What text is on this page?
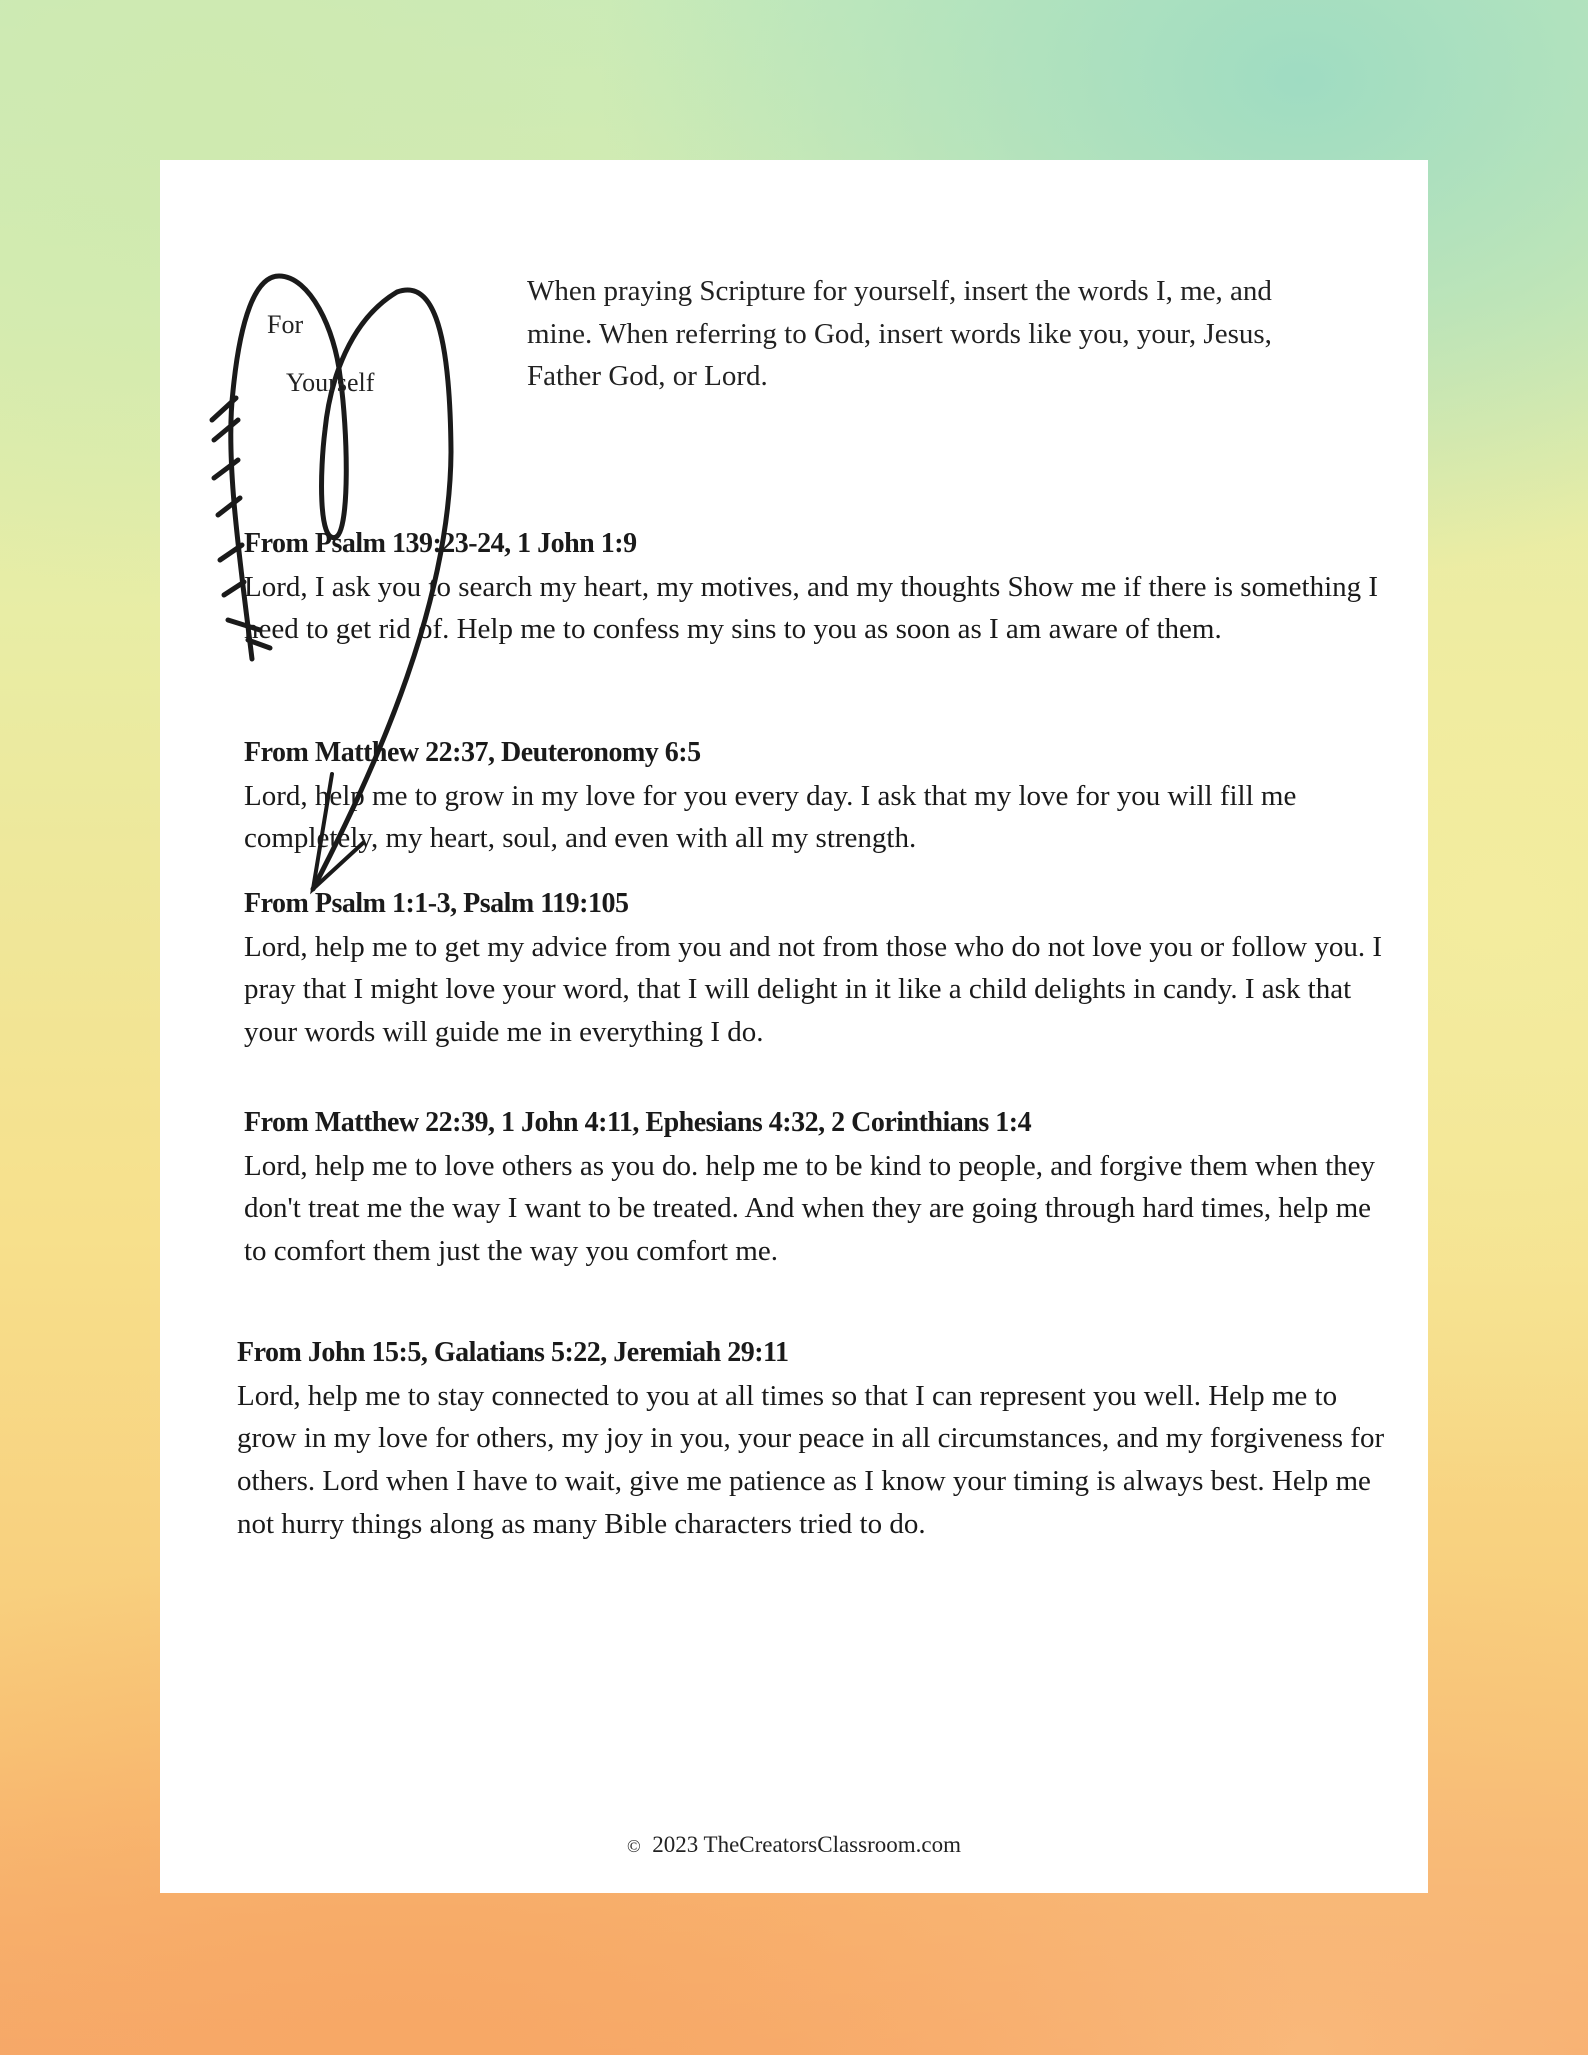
For
Yourself
When praying Scripture for yourself, insert the words I, me, and mine. When referring to God, insert words like you, your, Jesus, Father God, or Lord.
From Psalm 139:23-24, 1 John 1:9

Lord, I ask you to search my heart, my motives, and my thoughts Show me if there is something I need to get rid of. Help me to confess my sins to you as soon as I am aware of them.

From Matthew 22:37, Deuteronomy 6:5

Lord, help me to grow in my love for you every day. I ask that my love for you will fill me completely, my heart, soul, and even with all my strength.

From Psalm 1:1-3, Psalm 119:105

Lord, help me to get my advice from you and not from those who do not love you or follow you. I pray that I might love your word, that I will delight in it like a child delights in candy. I ask that your words will guide me in everything I do.

From Matthew 22:39, 1 John 4:11, Ephesians 4:32, 2 Corinthians 1:4

Lord, help me to love others as you do. help me to be kind to people, and forgive them when they don't treat me the way I want to be treated. And when they are going through hard times, help me to comfort them just the way you comfort me.

From John 15:5, Galatians 5:22, Jeremiah 29:11

Lord, help me to stay connected to you at all times so that I can represent you well. Help me to grow in my love for others, my joy in you, your peace in all circumstances, and my forgiveness for others. Lord when I have to wait, give me patience as I know your timing is always best. Help me not hurry things along as many Bible characters tried to do.

© 2023 TheCreatorsClassroom.com
